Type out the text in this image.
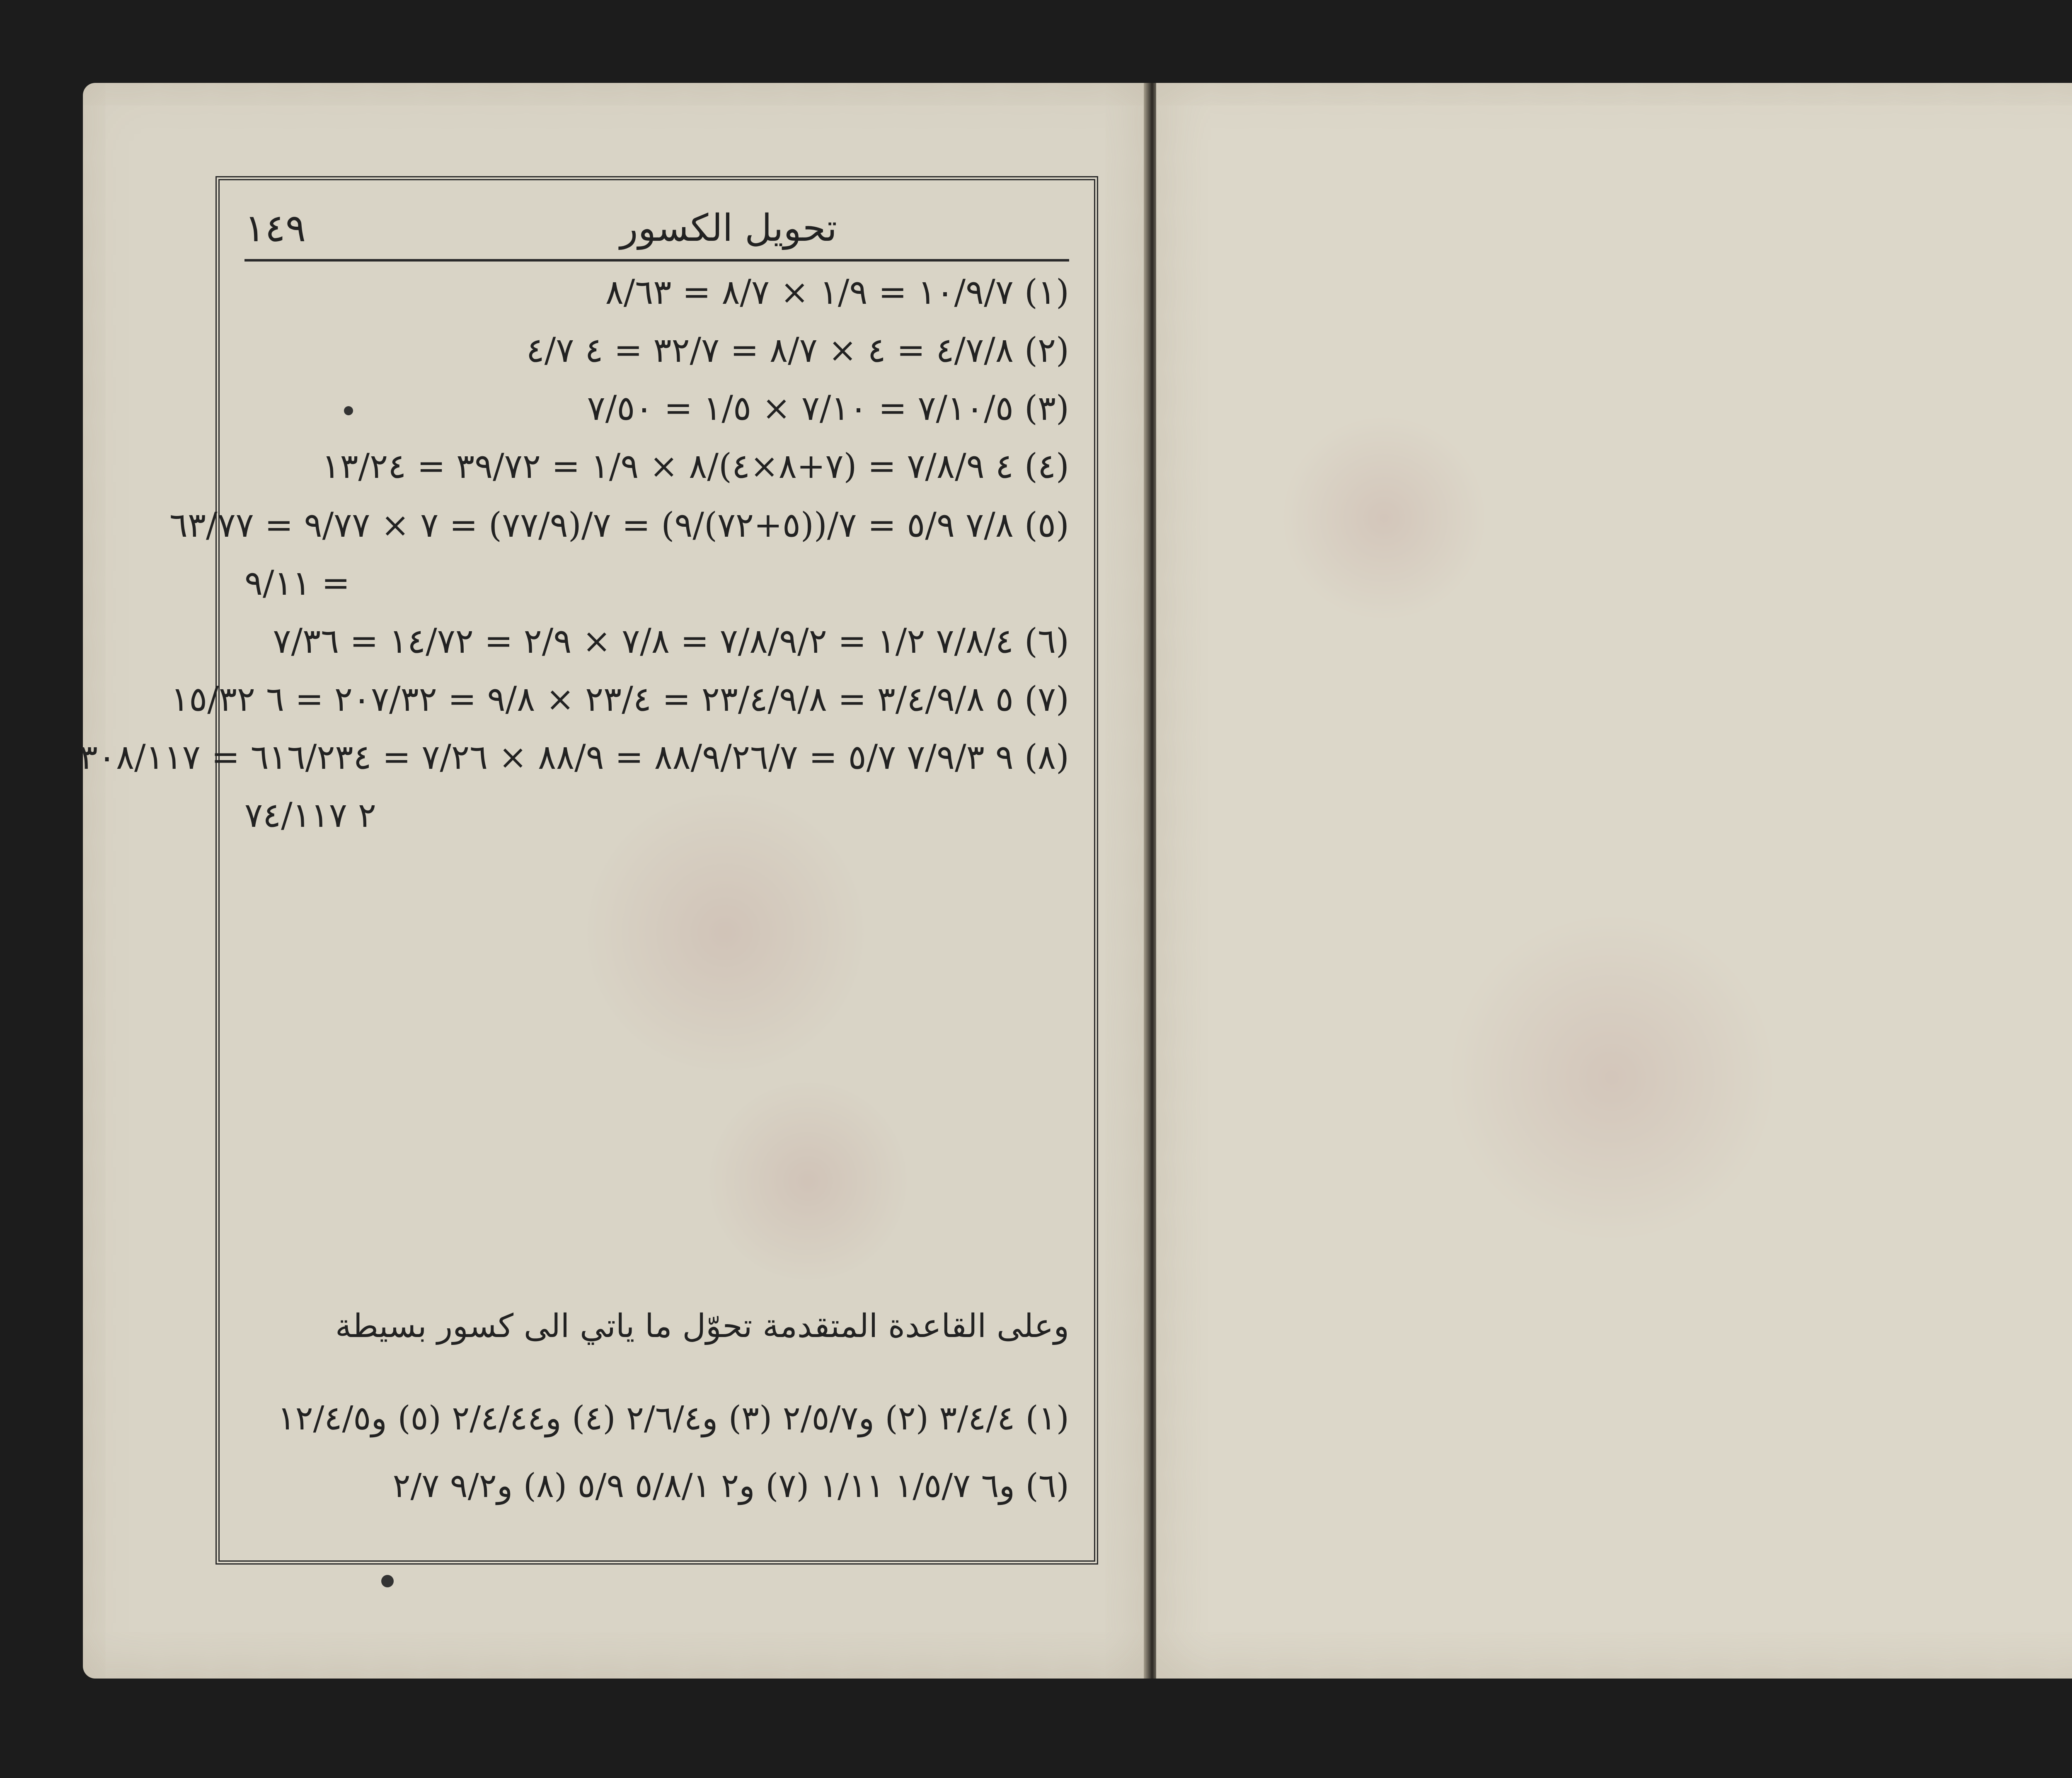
١٤٩	تحويل الكسور
(١) ١٠/٩/٧ = ١/٩ × ٨/٧ = ٨/٦٣
(٢) ٤/٧/٨ = ٤ × ٨/٧ = ٣٢/٧ = ٤ ٤/٧
(٣) ٧/١٠/٥ = ٧/١٠ × ١/٥ = ٧/٥٠
(٤) ٤ ٧/٨/٩ = (٧+٨×٤)/٨ × ١/٩ = ٣٩/٧٢ = ١٣/٢٤
(٥) ٧/٨ ٥/٩ = ٧/((٥+٧٢)/٩) = ٧/(٧٧/٩) = ٧ × ٩/٧٧ = ٦٣/٧٧
= ٩/١١
(٦) ٧/٨/٤ ١/٢ = ٧/٨/٩/٢ = ٧/٨ × ٢/٩ = ١٤/٧٢ = ٧/٣٦
(٧) ٥ ٣/٤/٩/٨ = ٢٣/٤/٩/٨ = ٢٣/٤ × ٩/٨ = ٢٠٧/٣٢ = ٦ ١٥/٣٢
(٨) ٩ ٧/٩/٣ ٥/٧ = ٨٨/٩/٢٦/٧ = ٨٨/٩ × ٧/٢٦ = ٦١٦/٢٣٤ = ٣٠٨/١١٧
٢ ٧٤/١١٧
وعلى القاعدة المتقدمة تحوّل ما ياتي الى كسور بسيطة
(١) ٣/٤/٤ (٢) و٢/٥/٧ (٣) و٢/٦/٤ (٤) و٢/٤/٤٤ (٥) و١٢/٤/٥
(٦) و٦ ١/٥/٧ ١/١١ (٧) و٢ ٥/٨/١ ٥/٩ (٨) و٩/٢ ٢/٧
